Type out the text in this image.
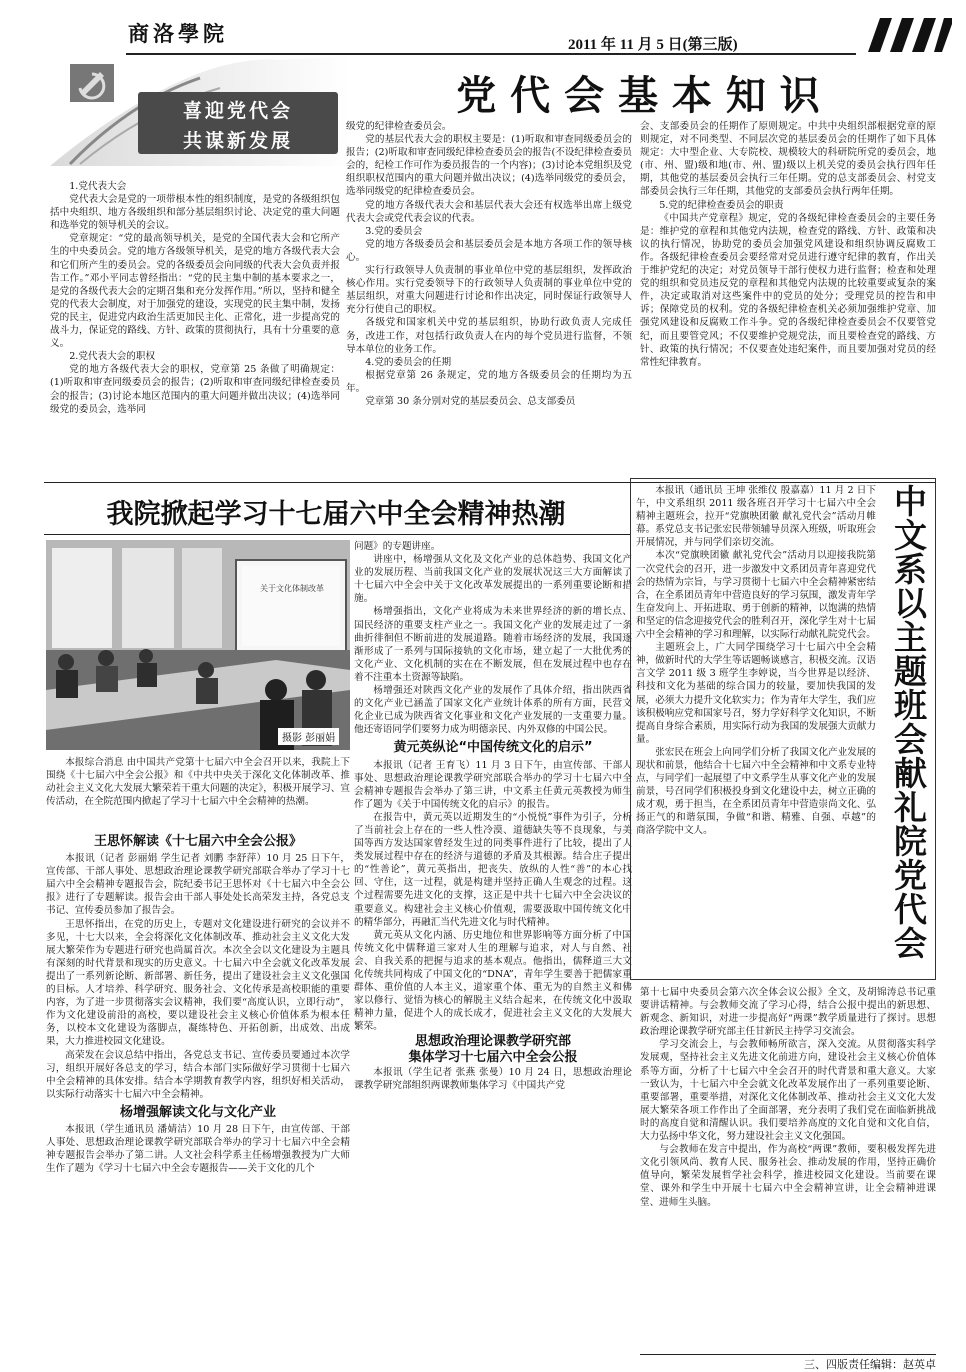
商洛學院	2011 年 11 月 5 日(第三版)
喜迎党代会
共谋新发展
党 代 会 基 本 知 识

1.党代表大会

党代表大会是党的一项带根本性的组织制度，是党的各级组织包括中央组织、地方各级组织和部分基层组织讨论、决定党的重大问题和选举党的领导机关的会议。

党章规定：“党的最高领导机关，是党的全国代表大会和它所产生的中央委员会。党的地方各级领导机关，是党的地方各级代表大会和它们所产生的委员会。党的各级委员会向同级的代表大会负责并报告工作。”邓小平同志曾经指出：“党的民主集中制的基本要求之一，是党的各级代表大会的定期召集和充分发挥作用。”所以，坚持和健全党的代表大会制度，对于加强党的建设，实现党的民主集中制，发扬党的民主，促进党内政治生活更加民主化、正常化，进一步提高党的战斗力，保证党的路线、方针、政策的贯彻执行，具有十分重要的意义。

2.党代表大会的职权

党的地方各级代表大会的职权，党章第 25 条做了明确规定：(1)听取和审查同级委员会的报告；(2)听取和审查同级纪律检查委员会的报告；(3)讨论本地区范围内的重大问题并做出决议；(4)选举同级党的委员会，选举同

级党的纪律检查委员会。

党的基层代表大会的职权主要是：(1)听取和审查同级委员会的报告；(2)听取和审查同级纪律检查委员会的报告(不设纪律检查委员会的，纪检工作可作为委员报告的一个内容)；(3)讨论本党组织及党组织职权范围内的重大问题并做出决议；(4)选举同级党的委员会，选举同级党的纪律检查委员会。

党的地方各级代表大会和基层代表大会还有权选举出席上级党代表大会或党代表会议的代表。

3.党的委员会

党的地方各级委员会和基层委员会是本地方各项工作的领导核心。

实行行政领导人负责制的事业单位中党的基层组织，发挥政治核心作用。实行党委领导下的行政领导人负责制的事业单位中党的基层组织，对重大问题进行讨论和作出决定，同时保证行政领导人充分行使自己的职权。

各级党和国家机关中党的基层组织，协助行政负责人完成任务，改进工作，对包括行政负责人在内的每个党员进行监督，不领导本单位的业务工作。

4.党的委员会的任期

根据党章第 26 条规定，党的地方各级委员会的任期均为五年。

党章第 30 条分别对党的基层委员会、总支部委员

会、支部委员会的任期作了原则规定。中共中央组织部根据党章的原则规定，对不同类型、不同层次党的基层委员会的任期作了如下具体规定：大中型企业、大专院校、规模较大的科研院所党的委员会，地(市、州、盟)级和地(市、州、盟)级以上机关党的委员会执行四年任期，其他党的基层委员会执行三年任期。党的总支部委员会、村党支部委员会执行三年任期，其他党的支部委员会执行两年任期。

5.党的纪律检查委员会的职责

《中国共产党章程》规定，党的各级纪律检查委员会的主要任务是：维护党的章程和其他党内法规，检查党的路线、方针、政策和决议的执行情况，协助党的委员会加强党风建设和组织协调反腐败工作。各级纪律检查委员会要经常对党员进行遵守纪律的教育，作出关于维护党纪的决定；对党员领导干部行使权力进行监督；检查和处理党的组织和党员违反党的章程和其他党内法规的比较重要或复杂的案件，决定或取消对这些案件中的党员的处分；受理党员的控告和申诉；保障党员的权利。党的各级纪律检查机关必须加强维护党章、加强党风建设和反腐败工作斗争。党的各级纪律检查委员会不仅要管党纪，而且要管党风；不仅要维护党规党法，而且要检查党的路线、方针、政策的执行情况；不仅要查处违纪案件，而且要加强对党员的经常性纪律教育。

我院掀起学习十七届六中全会精神热潮
关于文化体制改革
摄影 彭丽娟

本报综合消息 由中国共产党第十七届六中全会召开以来，我院上下围绕《十七届六中全会公报》和《中共中央关于深化文化体制改革、推动社会主义文化大发展大繁荣若干重大问题的决定》，积极开展学习、宣传活动，在全院范围内掀起了学习十七届六中全会精神的热潮。

王思怀解读《十七届六中全会公报》

本报讯（记者 彭丽娟 学生记者 刘鹏 李舒萍）10 月 25 日下午，宣传部、干部人事处、思想政治理论课教学研究部联合举办了学习十七届六中全会精神专题报告会，院纪委书记王思怀对《十七届六中全会公报》进行了专题解读。报告会由干部人事处处长高荣发主持，各党总支书记、宣传委员参加了报告会。

王思怀指出，在党的历史上，专题对文化建设进行研究的会议并不多见，十七大以来，全会将深化文化体制改革、推动社会主义文化大发展大繁荣作为专题进行研究也尚属首次。本次全会以文化建设为主题具有深刻的时代背景和现实的历史意义。十七届六中全会就文化改革发展提出了一系列新论断、新部署、新任务，提出了建设社会主义文化强国的目标。人才培养、科学研究、服务社会、文化传承是高校职能的重要内容，为了进一步贯彻落实会议精神，我们要“高度认识，立即行动”，作为文化建设前沿的高校，要以建设社会主义核心价值体系为根本任务，以校本文化建设为落脚点，凝练特色、开拓创新，出成效、出成果，大力推进校园文化建设。

高荣发在会议总结中指出，各党总支书记、宣传委员要通过本次学习，组织开展好各总支的学习，结合本部门实际做好学习贯彻十七届六中全会精神的具体安排。结合本学期教育教学内容，组织好相关活动，以实际行动落实十七届六中全会精神。

杨增强解读文化与文化产业

本报讯（学生通讯员 潘婧洁）10 月 28 日下午，由宣传部、干部人事处、思想政治理论课教学研究部联合举办的学习十七届六中全会精神专题报告会举办了第二讲。人文社会科学系主任杨增强教授为广大师生作了题为《学习十七届六中全会专题报告——关于文化的几个

问题》的专题讲座。

讲座中，杨增强从文化及文化产业的总体趋势、我国文化产业的发展历程、当前我国文化产业的发展状况这三大方面解读了十七届六中全会中关于文化改革发展提出的一系列重要论断和措施。

杨增强指出，文化产业将成为未来世界经济的新的增长点、国民经济的重要支柱产业之一。我国文化产业的发展走过了一条曲折徘徊但不断前进的发展道路。随着市场经济的发展，我国逐渐形成了一系列与国际接轨的文化市场，建立起了一大批优秀的文化产业、文化机制的实在在不断发展，但在发展过程中也存在着不注重本土资源等缺陷。

杨增强还对陕西文化产业的发展作了具体介绍，指出陕西省的文化产业已涵盖了国家文化产业统计体系的所有方面，民营文化企业已成为陕西省文化事业和文化产业发展的一支重要力量。他还寄语同学们要努力成为明德亲民、内外双修的中国公民。

黄元英纵论“中国传统文化的启示”

本报讯（记者 王育飞）11 月 3 日下午，由宣传部、干部人事处、思想政治理论课教学研究部联合举办的学习十七届六中全会精神专题报告会举办了第三讲，中文系主任黄元英教授为师生作了题为《关于中国传统文化的启示》的报告。

在报告中，黄元英以近期发生的“小悦悦”事件为引子，分析了当前社会上存在的一些人性冷漠、道德缺失等不良现象，与美国等西方发达国家曾经发生过的同类事件进行了比较，提出了人类发展过程中存在的经济与道德的矛盾及其根源。结合庄子提出的“性善论”，黄元英指出，把丧失、放纵的人性“善”的本心找回、守住，这一过程，就是构建并坚持正确人生观念的过程。这个过程需要先进文化的支撑，这正是中共十七届六中全会决议的重要意义。构建社会主义核心价值观，需要汲取中国传统文化中的精华部分，再融汇当代先进文化与时代精神。

黄元英从文化内涵、历史地位和世界影响等方面分析了中国传统文化中儒释道三家对人生的理解与追求，对人与自然、社会、自我关系的把握与追求的基本观点。他指出，儒释道三大文化传统共同构成了中国文化的“DNA”，青年学生要善于把儒家重群体、重价值的人本主义，道家重个体、重无为的自然主义和佛家以修行、觉悟为核心的解脱主义结合起来，在传统文化中汲取精神力量，促进个人的成长成才，促进社会主义文化的大发展大繁荣。

思想政治理论课教学研究部

集体学习十七届六中全会公报

本报讯（学生记者 张燕 张曼）10 月 24 日，思想政治理论课教学研究部组织两课教师集体学习《中国共产党

本报讯（通讯员 王坤 张维仪 殷嘉嘉）11 月 2 日下午，中文系组织 2011 级各班召开学习十七届六中全会精神主题班会，拉开“党旗映团徽 献礼党代会”活动月帷幕。系党总支书记张宏民带领辅导员深入班级，听取班会开展情况，并与同学们亲切交流。

本次“党旗映团徽 献礼党代会”活动月以迎接我院第一次党代会的召开，进一步激发中文系团员青年喜迎党代会的热情为宗旨，与学习贯彻十七届六中全会精神紧密结合，在全系团员青年中营造良好的学习氛围，激发青年学生奋发向上、开拓进取、勇于创新的精神，以饱满的热情和坚定的信念迎接党代会的胜利召开，深化学生对十七届六中全会精神的学习和理解，以实际行动献礼院党代会。

主题班会上，广大同学围绕学习十七届六中全会精神，做新时代的大学生等话题畅谈感言，积极交流。汉语言文学 2011 级 3 班学生李婷说，当今世界是以经济、科技和文化为基础的综合国力的较量，要加快我国的发展，必须大力提升文化软实力；作为青年大学生，我们应该积极响应党和国家号召，努力学好科学文化知识，不断提高自身综合素质，用实际行动为我国的发展强大贡献力量。

张宏民在班会上向同学们分析了我国文化产业发展的现状和前景，他结合十七届六中全会精神和中文系专业特点，与同学们一起展望了中文系学生从事文化产业的发展前景，号召同学们积极投身到文化建设中去，树立正确的成才观，勇于担当，在全系团员青年中营造崇尚文化、弘扬正气的和谐氛围，争做“和谐、精雅、自强、卓越”的商洛学院中文人。	中文系以主题班会献礼院党代会

第十七届中央委员会第六次全体会议公报》全文，及胡锦涛总书记重要讲话精神。与会教师交流了学习心得，结合公报中提出的新思想、新观念、新知识，对进一步提高好“两课”教学质量进行了探讨。思想政治理论课教学研究部主任甘新民主持学习交流会。

学习交流会上，与会教师畅所欲言，深入交流。从贯彻落实科学发展观，坚持社会主义先进文化前进方向，建设社会主义核心价值体系等方面，分析了十七届六中全会召开的时代背景和重大意义。大家一致认为，十七届六中全会就文化改革发展作出了一系列重要论断、重要部署，重要举措，对深化文化体制改革、推动社会主义文化大发展大繁荣各项工作作出了全面部署，充分表明了我们党在面临新挑战时的高度自觉和清醒认识。我们要培养高度的文化自觉和文化自信，大力弘扬中华文化，努力建设社会主义文化强国。

与会教师在发言中提出，作为高校“两课”教师，要积极发挥先进文化引领风尚、教育人民、服务社会、推动发展的作用，坚持正确价值导向，繁荣发展哲学社会科学，推进校园文化建设。当前要在课堂、课外和学生中开展十七届六中全会精神宣讲，让全会精神进课堂、进师生头脑。

三、四版责任编辑：赵英卓
